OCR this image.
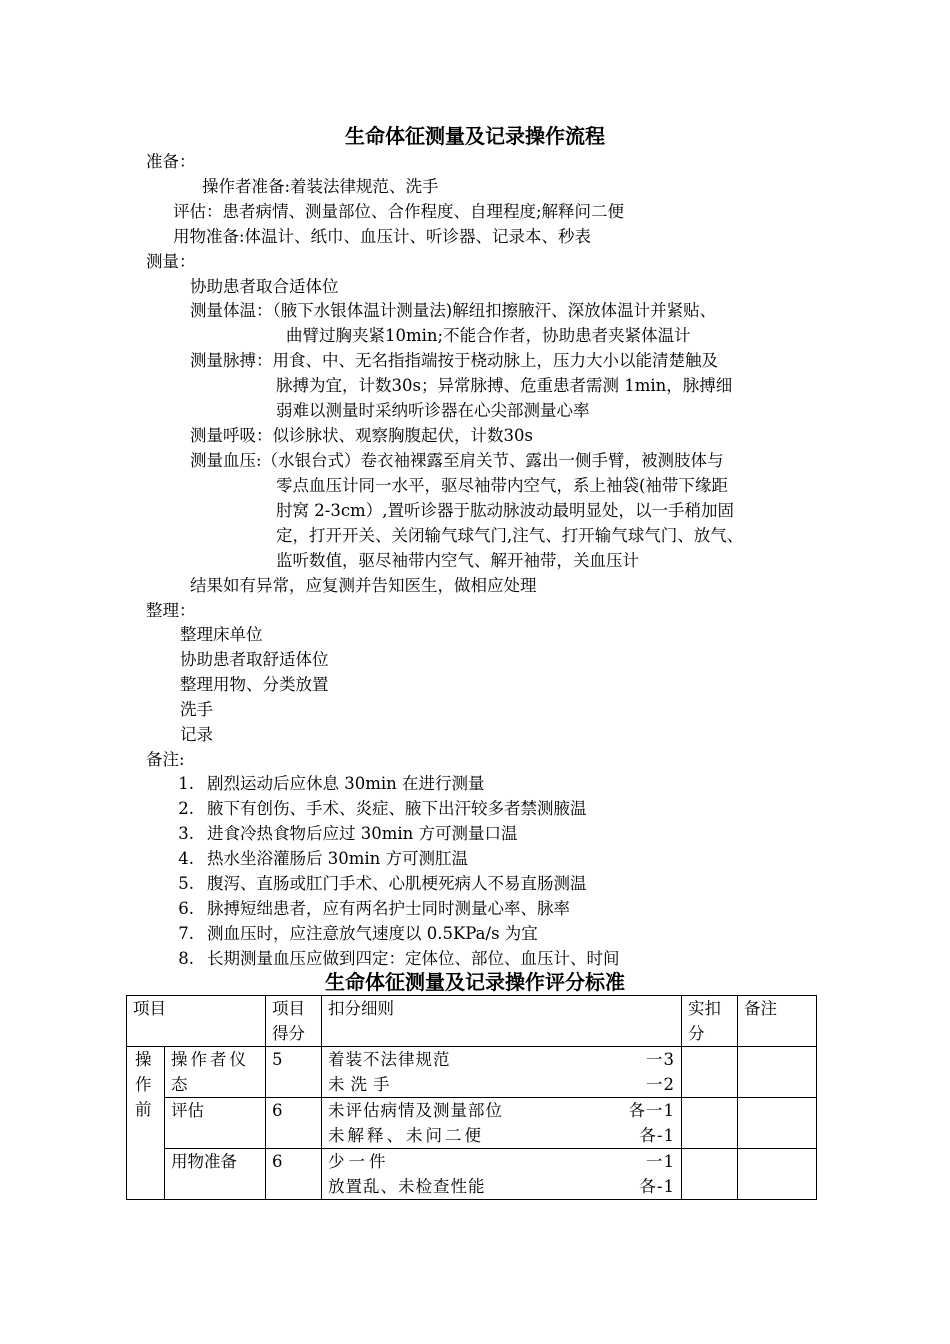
生命体征测量及记录操作流程
准备：
操作者准备:着装法律规范、洗手
评估：患者病情、测量部位、合作程度、自理程度;解释问二便
用物准备:体温计、纸巾、血压计、听诊器、记录本、秒表
测量：
协助患者取合适体位
测量体温：（腋下水银体温计测量法)解纽扣擦腋汗、深放体温计并紧贴、
曲臂过胸夹紧10min;不能合作者，协助患者夹紧体温计
测量脉搏：用食、中、无名指指端按于桡动脉上，压力大小以能清楚触及
脉搏为宜，计数30s；异常脉搏、危重患者需测 1min，脉搏细
弱难以测量时采纳听诊器在心尖部测量心率
测量呼吸：似诊脉状、观察胸腹起伏，计数30s
测量血压:（水银台式）卷衣袖裸露至肩关节、露出一侧手臂，被测肢体与
零点血压计同一水平，驱尽袖带内空气，系上袖袋(袖带下缘距
肘窝 2-3cm）,置听诊器于肱动脉波动最明显处，以一手稍加固
定，打开开关、关闭输气球气门,注气、打开输气球气门、放气、
监听数值，驱尽袖带内空气、解开袖带，关血压计
结果如有异常，应复测并告知医生，做相应处理
整理：
整理床单位
协助患者取舒适体位
整理用物、分类放置
洗手
记录
备注:
1. 剧烈运动后应休息 30min 在进行测量
2. 腋下有创伤、手术、炎症、腋下出汗较多者禁测腋温
3. 进食冷热食物后应过 30min 方可测量口温
4. 热水坐浴灌肠后 30min 方可测肛温
5. 腹泻、直肠或肛门手术、心肌梗死病人不易直肠测温
6. 脉搏短绌患者，应有两名护士同时测量心率、脉率
7. 测血压时，应注意放气速度以 0.5KPa/s 为宜
8. 长期测量血压应做到四定：定体位、部位、血压计、时间
生命体征测量及记录操作评分标准
项目		项目得分	扣分细则	实扣分	备注
操作前	操作者仪态	5	着装不法律规范 一3
未洗手 一2		

	评估	6	未评估病情及测量部位 各一1
未解释、未问二便 各-1		

	用物准备	6	少一件 一1
放置乱、未检查性能 各-1		
